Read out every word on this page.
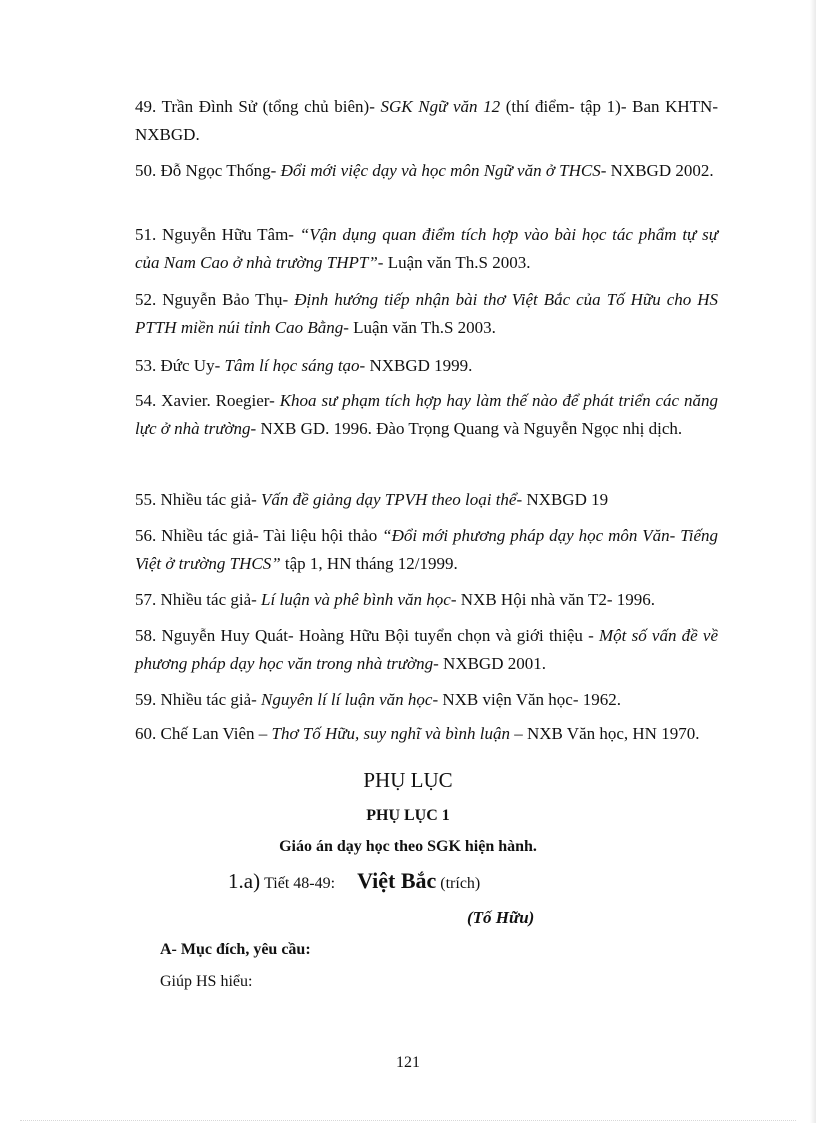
49. Trần Đình Sử (tổng chủ biên)- SGK Ngữ văn 12 (thí điểm- tập 1)- Ban KHTN- NXBGD.
50. Đỗ Ngọc Thống- Đổi mới việc dạy và học môn Ngữ văn ở THCS- NXBGD 2002.
51. Nguyễn Hữu Tâm- “Vận dụng quan điểm tích hợp vào bài học tác phẩm tự sự của Nam Cao ở nhà trường THPT”- Luận văn Th.S 2003.
52. Nguyễn Bảo Thụ- Định hướng tiếp nhận bài thơ Việt Bắc của Tố Hữu cho HS PTTH miền núi tỉnh Cao Bằng- Luận văn Th.S 2003.
53. Đức Uy- Tâm lí học sáng tạo- NXBGD 1999.
54. Xavier. Roegier- Khoa sư phạm tích hợp hay làm thế nào để phát triển các năng lực ở nhà trường- NXB GD. 1996. Đào Trọng Quang và Nguyễn Ngọc nhị dịch.
55. Nhiều tác giả- Vấn đề giảng dạy TPVH theo loại thể- NXBGD 19
56. Nhiều tác giả- Tài liệu hội thảo “Đổi mới phương pháp dạy học môn Văn- Tiếng Việt ở trường THCS” tập 1, HN tháng 12/1999.
57. Nhiều tác giả- Lí luận và phê bình văn học- NXB Hội nhà văn T2- 1996.
58. Nguyễn Huy Quát- Hoàng Hữu Bội tuyển chọn và giới thiệu - Một số vấn đề về phương pháp dạy học văn trong nhà trường- NXBGD 2001.
59. Nhiều tác giả- Nguyên lí lí luận văn học- NXB viện Văn học- 1962.
60. Chế Lan Viên – Thơ Tố Hữu, suy nghĩ và bình luận – NXB Văn học, HN 1970.
PHỤ LỤC
PHỤ LỤC 1
Giáo án dạy học theo SGK hiện hành.
1.a) Tiết 48-49: Việt Bắc (trích)
(Tố Hữu)
A- Mục đích, yêu cầu:
Giúp HS hiểu:
121
